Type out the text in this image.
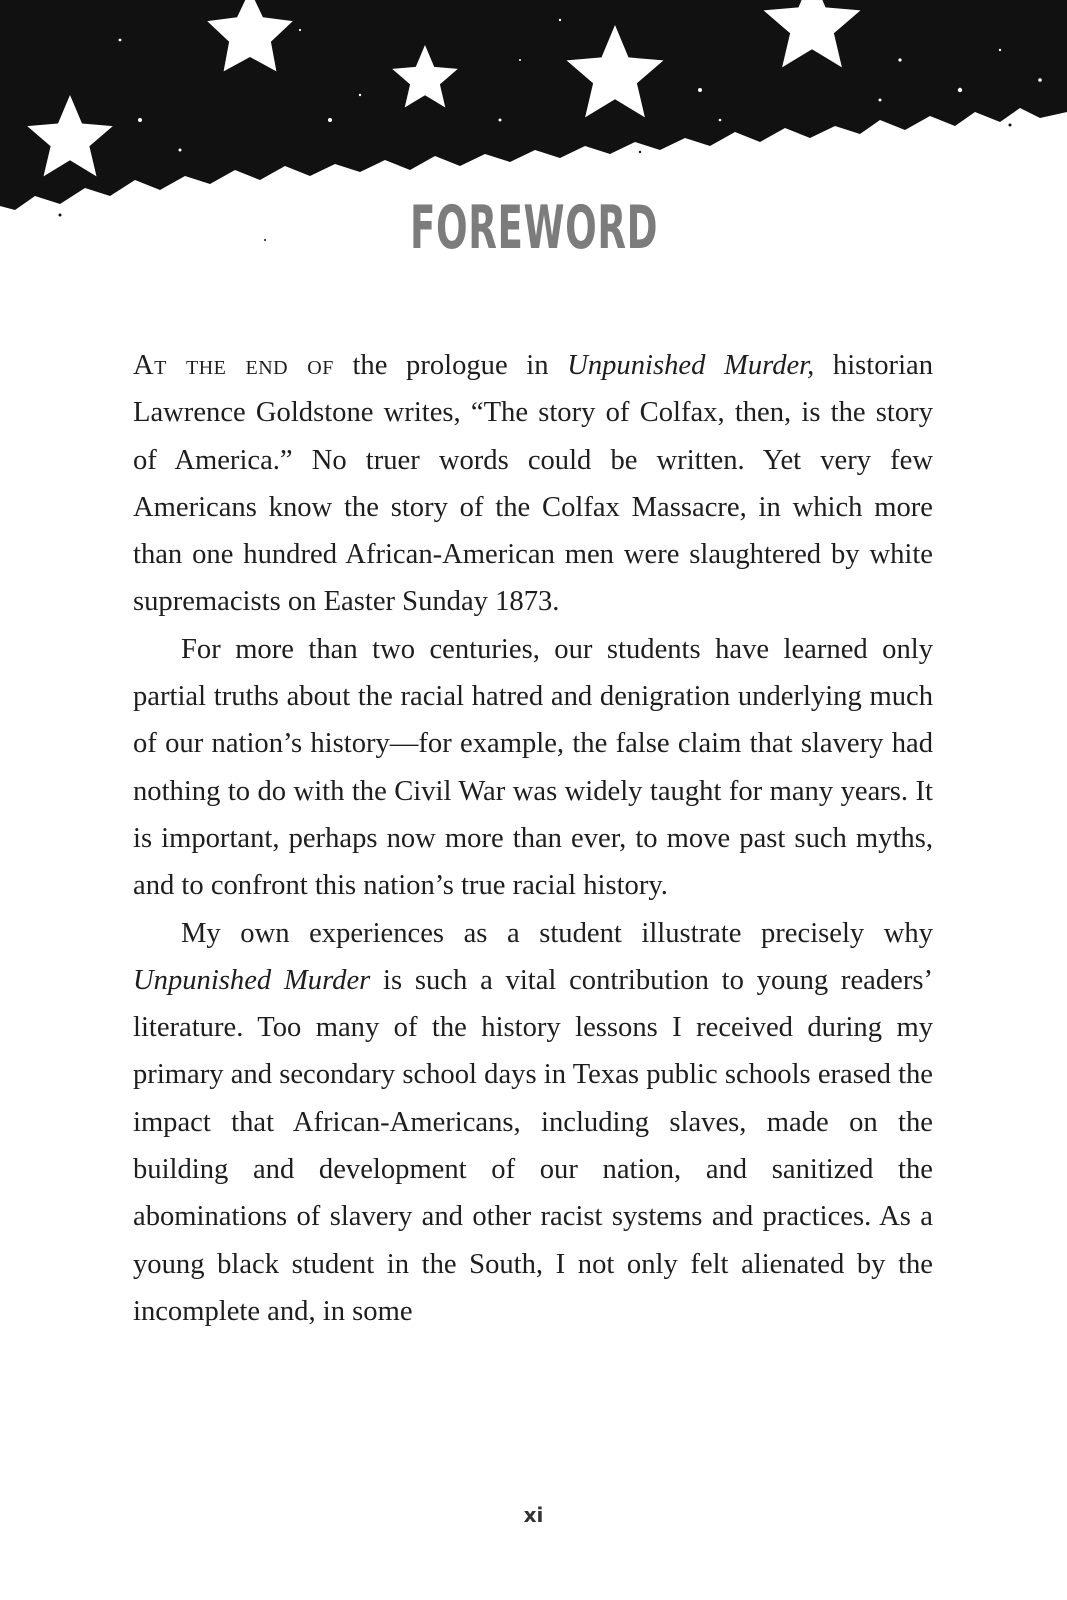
FOREWORD

At the end of the prologue in Unpunished Murder, historian Lawrence Goldstone writes, “The story of Colfax, then, is the story of America.” No truer words could be written. Yet very few Americans know the story of the Colfax Massacre, in which more than one hundred African-American men were slaughtered by white supremacists on Easter Sunday 1873.

For more than two centuries, our students have learned only partial truths about the racial hatred and denigration underlying much of our nation’s history—for example, the false claim that slavery had nothing to do with the Civil War was widely taught for many years. It is important, perhaps now more than ever, to move past such myths, and to confront this nation’s true racial history.

My own experiences as a student illustrate precisely why Unpunished Murder is such a vital contribution to young readers’ literature. Too many of the history lessons I received during my primary and secondary school days in Texas public schools erased the impact that African-Americans, including slaves, made on the building and development of our nation, and sanitized the abominations of slavery and other racist systems and practices. As a young black student in the South, I not only felt alienated by the incomplete and, in some

xi
